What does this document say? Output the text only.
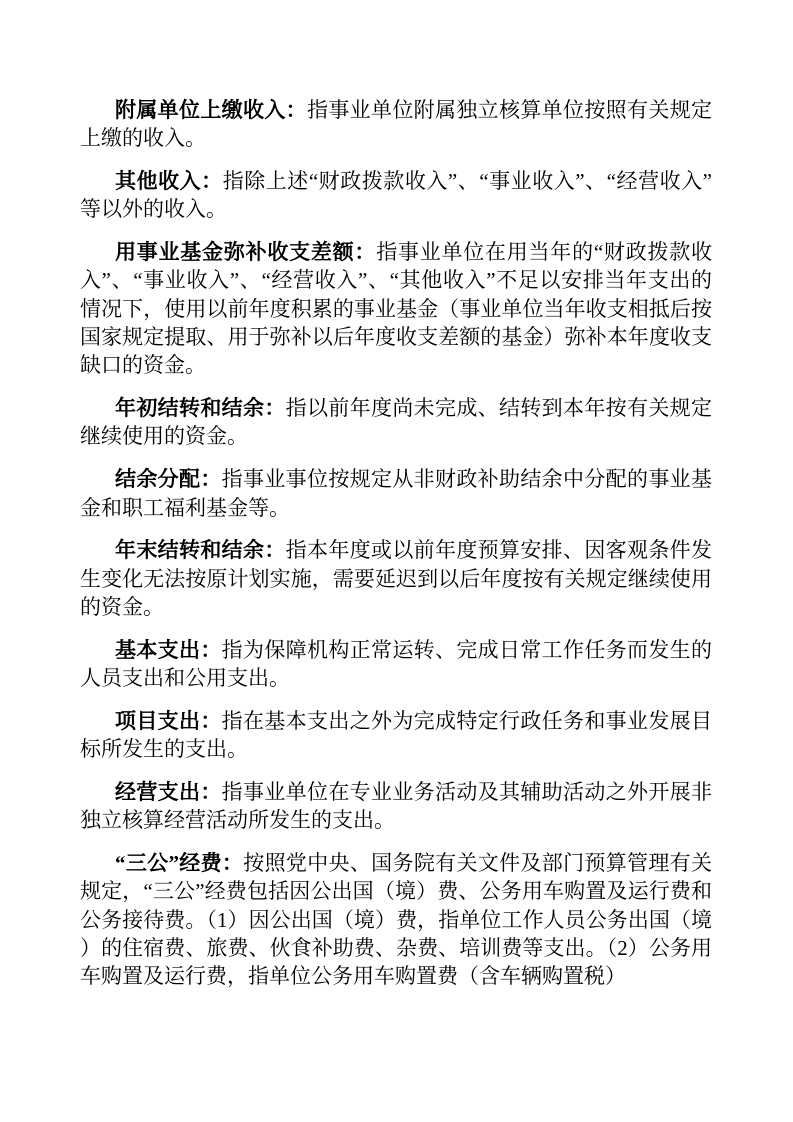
附属单位上缴收入：指事业单位附属独立核算单位按照有关规定上缴的收入。

其他收入：指除上述“财政拨款收入”、“事业收入”、“经营收入”等以外的收入。

用事业基金弥补收支差额：指事业单位在用当年的“财政拨款收入”、“事业收入”、“经营收入”、“其他收入”不足以安排当年支出的情况下，使用以前年度积累的事业基金（事业单位当年收支相抵后按国家规定提取、用于弥补以后年度收支差额的基金）弥补本年度收支缺口的资金。

年初结转和结余：指以前年度尚未完成、结转到本年按有关规定继续使用的资金。

结余分配：指事业事位按规定从非财政补助结余中分配的事业基金和职工福利基金等。

年末结转和结余：指本年度或以前年度预算安排、因客观条件发生变化无法按原计划实施，需要延迟到以后年度按有关规定继续使用的资金。

基本支出：指为保障机构正常运转、完成日常工作任务而发生的人员支出和公用支出。

项目支出：指在基本支出之外为完成特定行政任务和事业发展目标所发生的支出。

经营支出：指事业单位在专业业务活动及其辅助活动之外开展非独立核算经营活动所发生的支出。

“三公”经费：按照党中央、国务院有关文件及部门预算管理有关规定，“三公”经费包括因公出国（境）费、公务用车购置及运行费和公务接待费。（1）因公出国（境）费，指单位工作人员公务出国（境）的住宿费、旅费、伙食补助费、杂费、培训费等支出。（2）公务用车购置及运行费，指单位公务用车购置费（含车辆购置税）
